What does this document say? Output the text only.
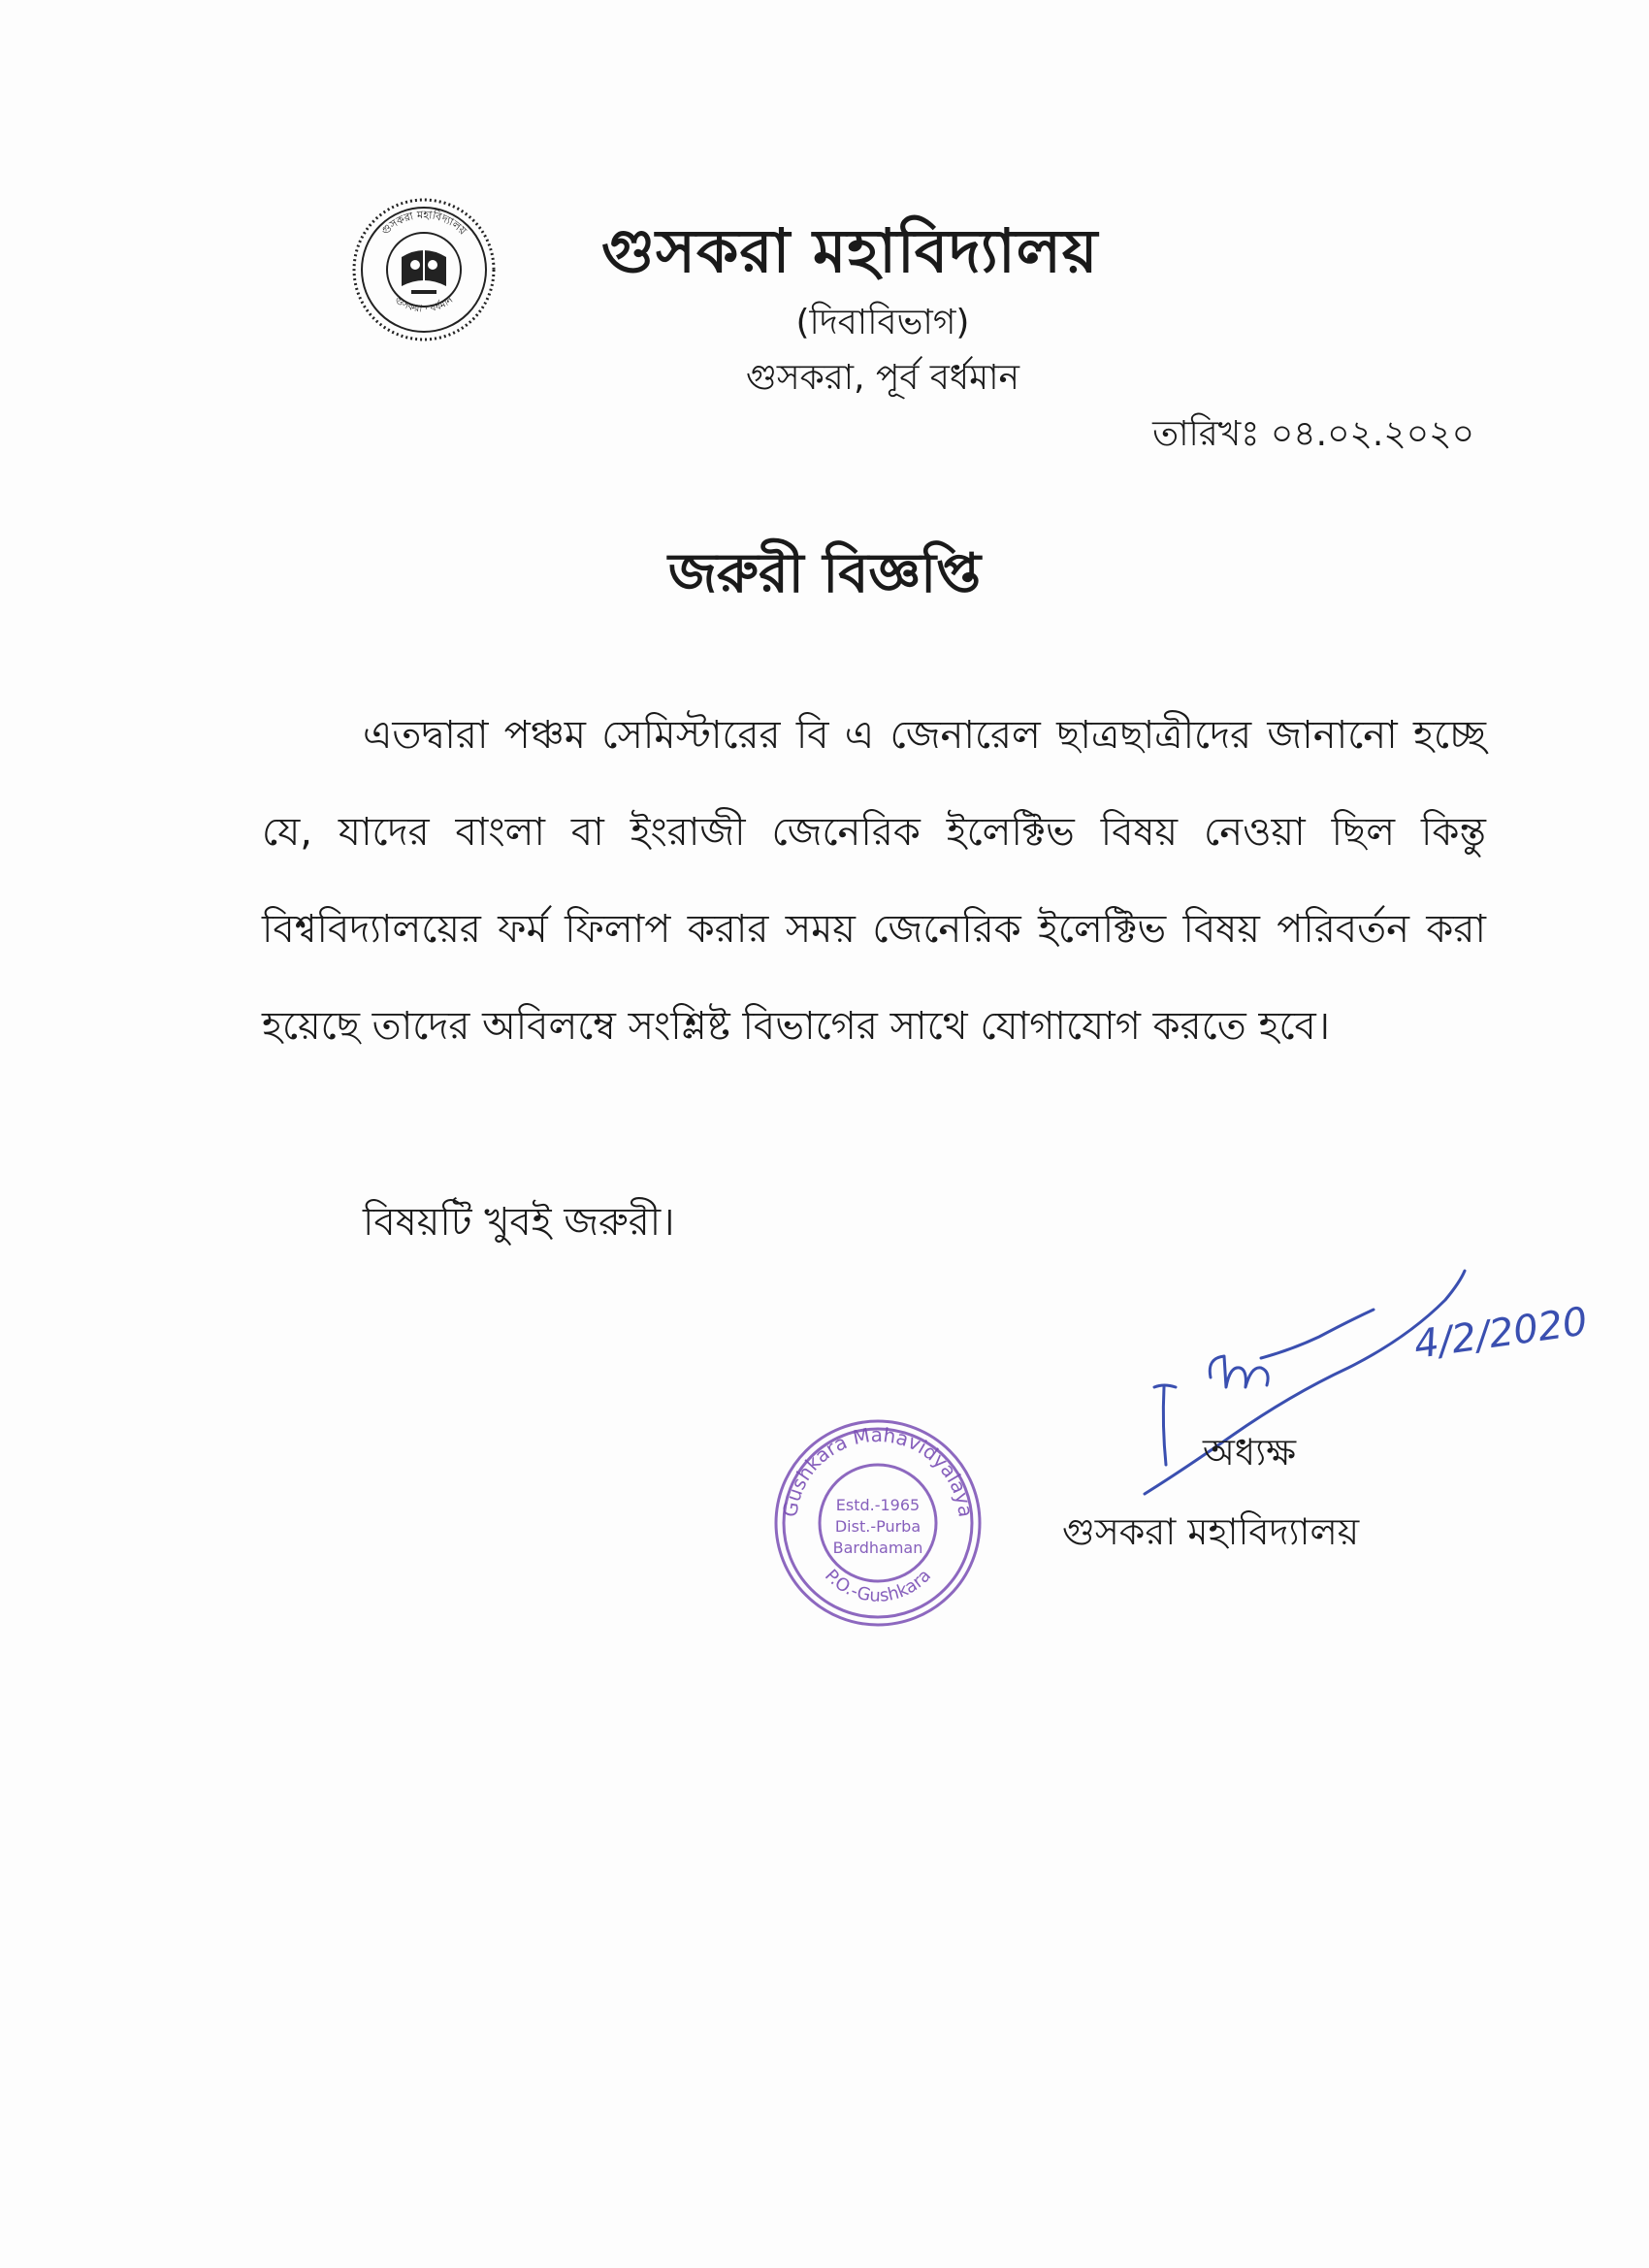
গুসকরা মহাবিদ্যালয়
গুসকরা · বর্ধমান
গুসকরা মহাবিদ্যালয়
(দিবাবিভাগ)
গুসকরা, পূর্ব বর্ধমান
তারিখঃ ০৪.০২.২০২০
জরুরী বিজ্ঞপ্তি
এতদ্বারা পঞ্চম সেমিস্টারের বি এ জেনারেল ছাত্রছাত্রীদের জানানো হচ্ছে যে, যাদের বাংলা বা ইংরাজী জেনেরিক ইলেক্টিভ বিষয় নেওয়া ছিল কিন্তু বিশ্ববিদ্যালয়ের ফর্ম ফিলাপ করার সময় জেনেরিক ইলেক্টিভ বিষয় পরিবর্তন করা হয়েছে তাদের অবিলম্বে সংশ্লিষ্ট বিভাগের সাথে যোগাযোগ করতে হবে।
বিষয়টি খুবই জরুরী।
Gushkara Mahavidyalaya
P.O.-Gushkara
Estd.-1965
Dist.-Purba
Bardhaman
4/2/2020
অধ্যক্ষ
গুসকরা মহাবিদ্যালয়
